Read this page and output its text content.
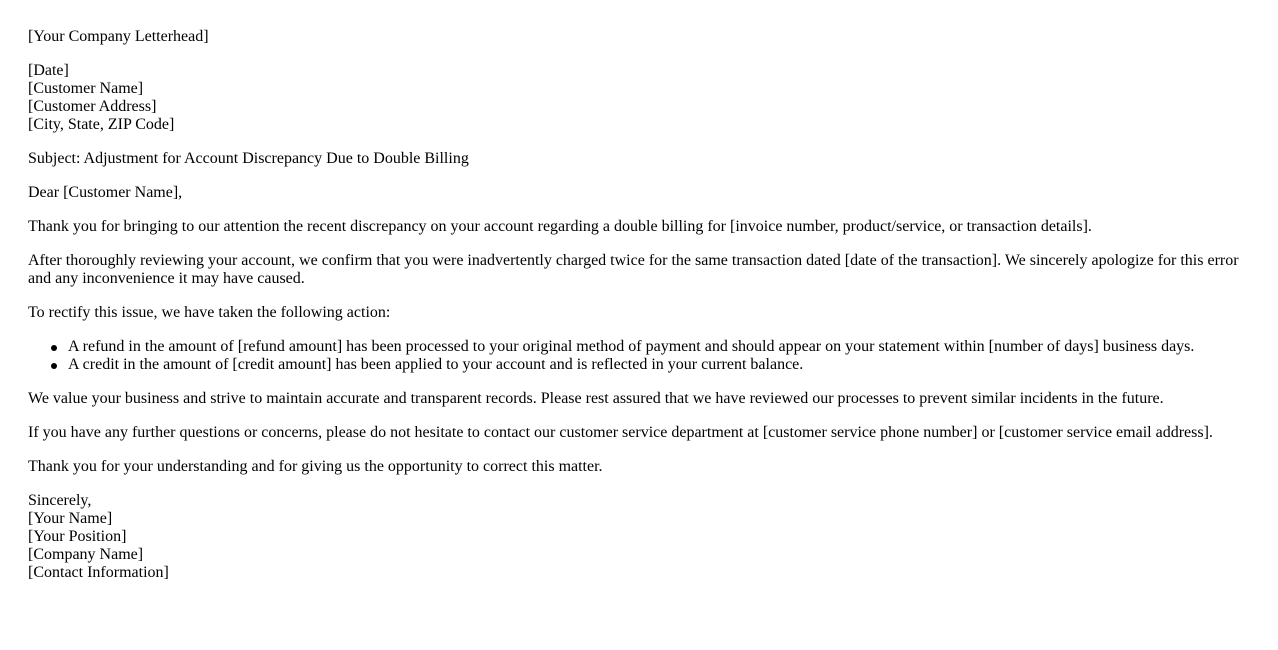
[Your Company Letterhead]

[Date]
[Customer Name]
[Customer Address]
[City, State, ZIP Code]

Subject: Adjustment for Account Discrepancy Due to Double Billing

Dear [Customer Name],

Thank you for bringing to our attention the recent discrepancy on your account regarding a double billing for [invoice number, product/service, or transaction details].

After thoroughly reviewing your account, we confirm that you were inadvertently charged twice for the same transaction dated [date of the transaction]. We sincerely apologize for this error and any inconvenience it may have caused.

To rectify this issue, we have taken the following action:

A refund in the amount of [refund amount] has been processed to your original method of payment and should appear on your statement within [number of days] business days.
A credit in the amount of [credit amount] has been applied to your account and is reflected in your current balance.

We value your business and strive to maintain accurate and transparent records. Please rest assured that we have reviewed our processes to prevent similar incidents in the future.

If you have any further questions or concerns, please do not hesitate to contact our customer service department at [customer service phone number] or [customer service email address].

Thank you for your understanding and for giving us the opportunity to correct this matter.

Sincerely,
[Your Name]
[Your Position]
[Company Name]
[Contact Information]
